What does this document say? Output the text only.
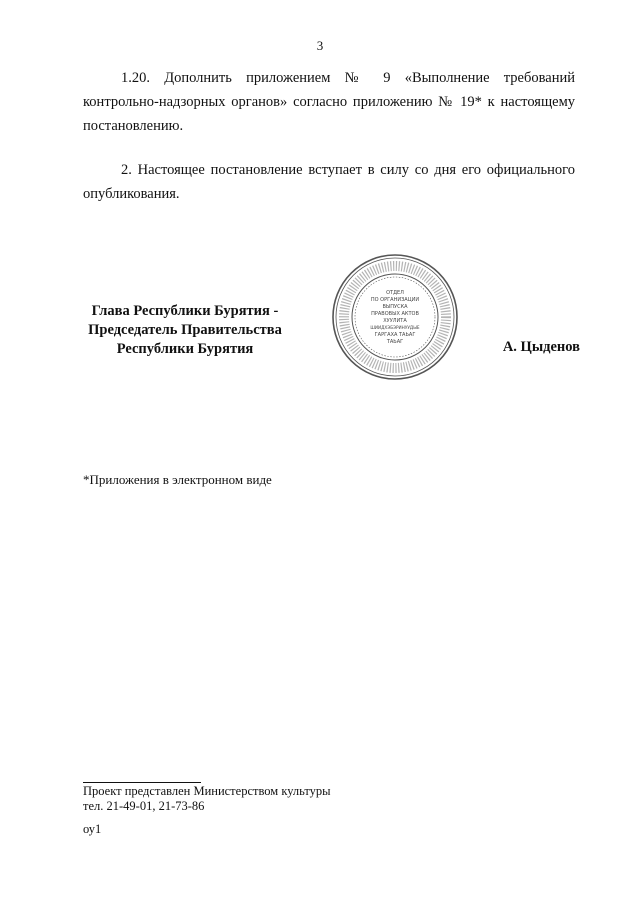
3
1.20. Дополнить приложением № 9 «Выполнение требований контрольно-надзорных органов» согласно приложению № 19* к настоящему постановлению.
2. Настоящее постановление вступает в силу со дня его официального опубликования.
Глава Республики Бурятия -
Председатель Правительства
Республики Бурятия
ОТДЕЛ
ПО ОРГАНИЗАЦИИ
ВЫПУСКА
ПРАВОВЫХ АКТОВ
ХУУЛИТА
ШИИДХЭБЭРИНУУДЫЕ
ГАРГАХА ТАЬАГ
ТАЬАГ	А. Цыденов
*Приложения в электронном виде
Проект представлен Министерством культуры
тел. 21-49-01, 21-73-86
оу1
